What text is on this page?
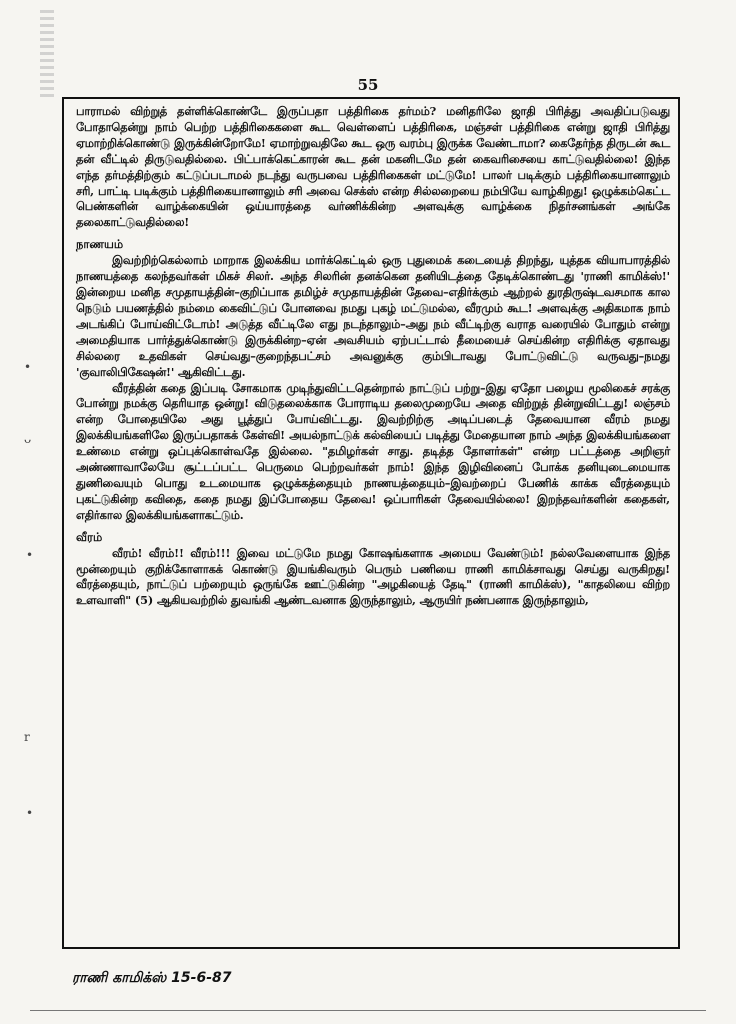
55

பாராமல் விற்றுத் தள்ளிக்கொண்டே இருப்பதா பத்திரிகை தர்மம்? மனிதரிலே ஜாதி பிரித்து அவதிப்படுவது போதாதென்று நாம் பெற்ற பத்திரிகைகளை கூட வெள்ளைப் பத்திரிகை, மஞ்சள் பத்திரிகை என்று ஜாதி பிரித்து ஏமாற்றிக்கொண்டு இருக்கின்றோமே! ஏமாற்றுவதிலே கூட ஒரு வரம்பு இருக்க வேண்டாமா? கைதேர்ந்த திருடன் கூட தன் வீட்டில் திருடுவதில்லை. பிட்பாக்கெட்காரன் கூட தன் மகனிடமே தன் கைவரிசையை காட்டுவதில்லை! இந்த எந்த தர்மத்திற்கும் கட்டுப்படாமல் நடந்து வருபவை பத்திரிகைகள் மட்டுமே! பாலர் படிக்கும் பத்திரிகையானாலும் சரி, பாட்டி படிக்கும் பத்திரிகையானாலும் சரி அவை செக்ஸ் என்ற சில்லறையை நம்பியே வாழ்கிறது! ஒழுக்கம்கெட்ட பெண்களின் வாழ்க்கையின் ஒய்யாரத்தை வர்ணிக்கின்ற அளவுக்கு வாழ்க்கை நிதர்சனங்கள் அங்கே தலைகாட்டுவதில்லை!

நாணயம்

இவற்றிற்கெல்லாம் மாறாக இலக்கிய மார்க்கெட்டில் ஒரு புதுமைக் கடையைத் திறந்து, யுத்தக வியாபாரத்தில் நாணயத்தை கலந்தவர்கள் மிகச் சிலர். அந்த சிலரின் தனக்கென தனியிடத்தை தேடிக்கொண்டது 'ராணி காமிக்ஸ்!' இன்றைய மனித சமுதாயத்தின்–குறிப்பாக தமிழ்ச் சமுதாயத்தின் தேவை–எதிர்க்கும் ஆற்றல் துரதிருஷ்டவசமாக கால நெடும் பயணத்தில் நம்மை கைவிட்டுப் போனவை நமது புகழ் மட்டுமல்ல, வீரமும் கூட! அளவுக்கு அதிகமாக நாம் அடங்கிப் போய்விட்டோம்! அடுத்த வீட்டிலே எது நடந்தாலும்–அது நம் வீட்டிற்கு வராத வரையில் போதும் என்று அமைதியாக பார்த்துக்கொண்டு இருக்கின்ற–ஏன் அவசியம் ஏற்பட்டால் தீமையைச் செய்கின்ற எதிரிக்கு ஏதாவது சில்லரை உதவிகள் செய்வது–குறைந்தபட்சம் அவனுக்கு கும்பிடாவது போட்டுவிட்டு வருவது–நமது 'குவாலிபிகேஷன்!' ஆகிவிட்டது.

வீரத்தின் கதை இப்படி சோகமாக முடிந்துவிட்டதென்றால் நாட்டுப் பற்று–இது ஏதோ பழைய மூலிகைச் சரக்கு போன்று நமக்கு தெரியாத ஒன்று! விடுதலைக்காக போராடிய தலைமுறையே அதை விற்றுத் தின்றுவிட்டது! லஞ்சம் என்ற போதையிலே அது பூத்துப் போய்விட்டது. இவற்றிற்கு அடிப்படைத் தேவையான வீரம் நமது இலக்கியங்களிலே இருப்பதாகக் கேள்வி! அயல்நாட்டுக் கல்வியைப் படித்து மேதையான நாம் அந்த இலக்கியங்களை உண்மை என்று ஒப்புக்கொள்வதே இல்லை. "தமிழர்கள் சாது. தடித்த தோளர்கள்" என்ற பட்டத்தை அறிஞர் அண்ணாவாலேயே சூட்டப்பட்ட பெருமை பெற்றவர்கள் நாம்! இந்த இழிவினைப் போக்க தனியுடைமையாக துணிவையும் பொது உடமையாக ஒழுக்கத்தையும் நாணயத்தையும்–இவற்றைப் பேணிக் காக்க வீரத்தையும் புகட்டுகின்ற கவிதை, கதை நமது இப்போதைய தேவை! ஒப்பாரிகள் தேவையில்லை! இறந்தவர்களின் கதைகள், எதிர்கால இலக்கியங்களாகட்டும்.

வீரம்

வீரம்! வீரம்!! வீரம்!!! இவை மட்டுமே நமது கோஷங்களாக அமைய வேண்டும்! நல்லவேளையாக இந்த மூன்றையும் குறிக்கோளாகக் கொண்டு இயங்கிவரும் பெரும் பணியை ராணி காமிக்சாவது செய்து வருகிறது! வீரத்தையும், நாட்டுப் பற்றையும் ஒருங்கே ஊட்டுகின்ற "அழகியைத் தேடி" (ராணி காமிக்ஸ்), "காதலியை விற்ற உளவாளி" (5) ஆகியவற்றில் துவங்கி ஆண்டவனாக இருந்தாலும், ஆருயிர் நண்பனாக இருந்தாலும்,

•
ᴗ
•
r
•
ராணி காமிக்ஸ் 15-6-87
